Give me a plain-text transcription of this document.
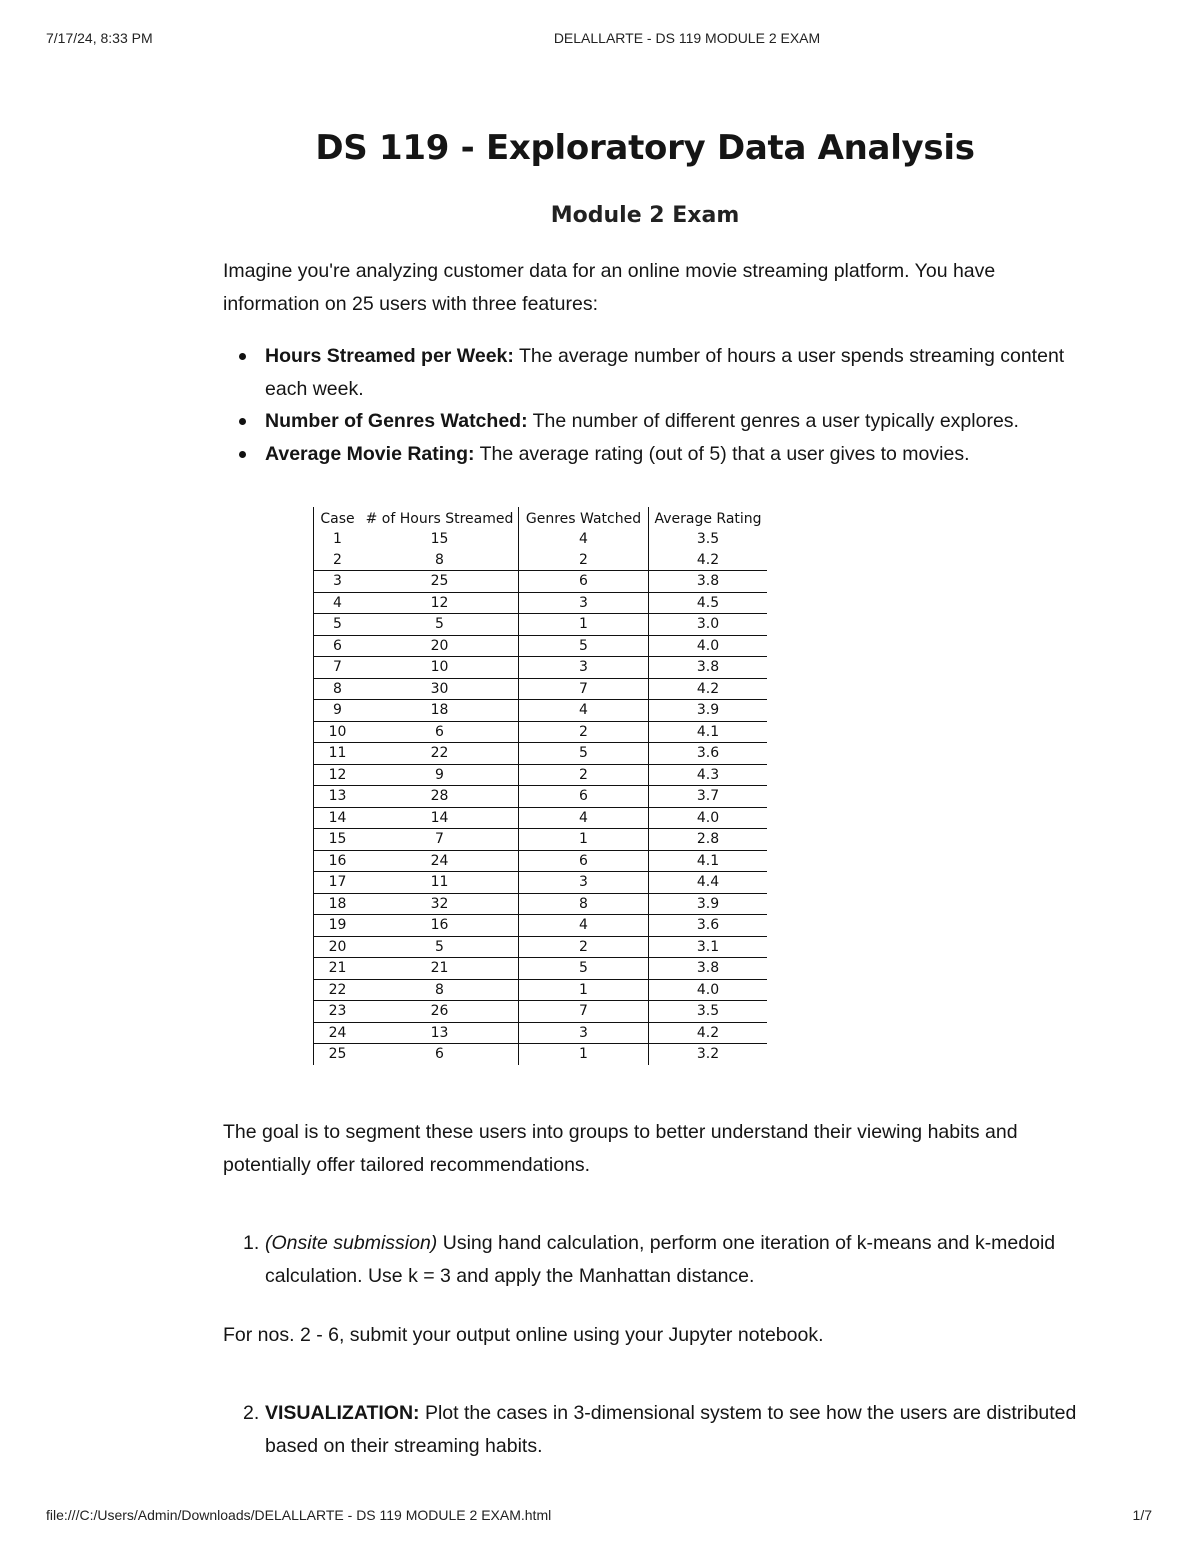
7/17/24, 8:33 PM	DELALLARTE - DS 119 MODULE 2 EXAM
DS 119 - Exploratory Data Analysis
Module 2 Exam

Imagine you're analyzing customer data for an online movie streaming platform. You have information on 25 users with three features:

Hours Streamed per Week: The average number of hours a user spends streaming content each week.
Number of Genres Watched: The number of different genres a user typically explores.
Average Movie Rating: The average rating (out of 5) that a user gives to movies.

The goal is to segment these users into groups to better understand their viewing habits and potentially offer tailored recommendations.

1. (Onsite submission) Using hand calculation, perform one iteration of k-means and k-medoid calculation. Use k = 3 and apply the Manhattan distance.

For nos. 2 - 6, submit your output online using your Jupyter notebook.

2. VISUALIZATION: Plot the cases in 3-dimensional system to see how the users are distributed based on their streaming habits.
Case	# of Hours Streamed	Genres Watched	Average Rating
1	15	4	3.5
2	8	2	4.2
3	25	6	3.8
4	12	3	4.5
5	5	1	3.0
6	20	5	4.0
7	10	3	3.8
8	30	7	4.2
9	18	4	3.9
10	6	2	4.1
11	22	5	3.6
12	9	2	4.3
13	28	6	3.7
14	14	4	4.0
15	7	1	2.8
16	24	6	4.1
17	11	3	4.4
18	32	8	3.9
19	16	4	3.6
20	5	2	3.1
21	21	5	3.8
22	8	1	4.0
23	26	7	3.5
24	13	3	4.2
25	6	1	3.2
file:///C:/Users/Admin/Downloads/DELALLARTE - DS 119 MODULE 2 EXAM.html	1/7
